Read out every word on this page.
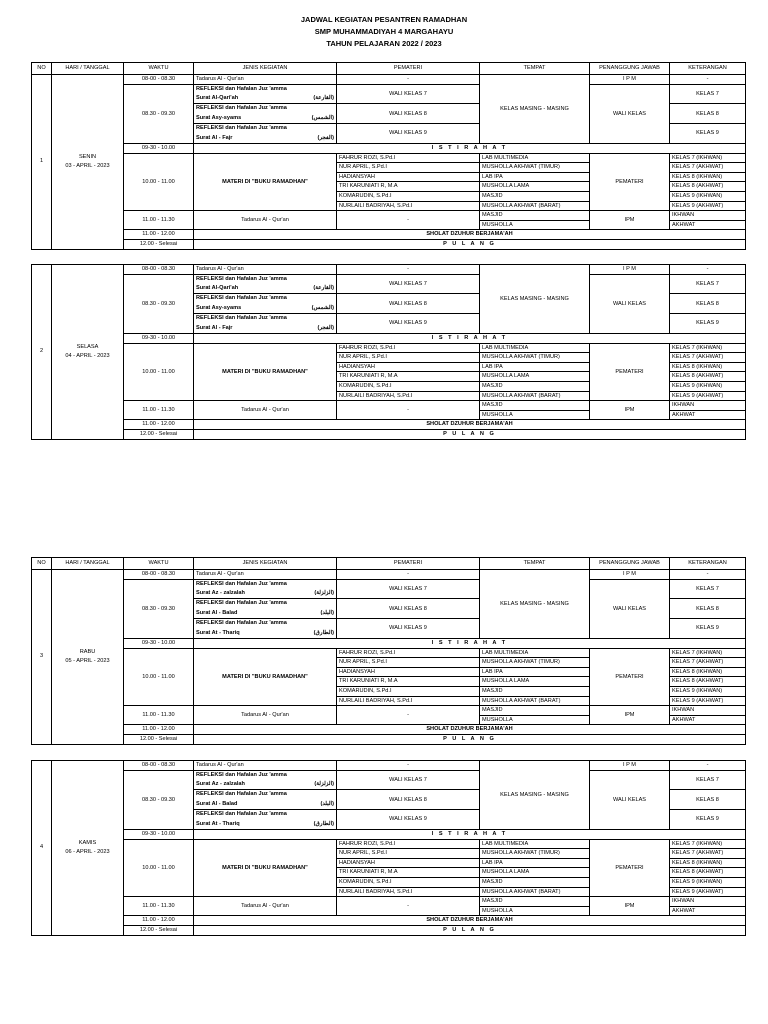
JADWAL KEGIATAN PESANTREN RAMADHAN
SMP MUHAMMADIYAH 4 MARGAHAYU
TAHUN PELAJARAN 2022 / 2023
NO	HARI / TANGGAL	WAKTU	JENIS KEGIATAN	PEMATERI	TEMPAT	PENANGGUNG JAWAB	KETERANGAN
1	SENIN
03 - APRIL - 2023	08-00 - 08.30	Tadarus Al - Qur'an	-	KELAS MASING - MASING	I P M	-
		08.30 - 09.30	REFLEKSI dan Hafalan Juz 'amma
Surat Al-Qari'ah (القارعة)	WALI KELAS 7		WALI KELAS	KELAS 7

			REFLEKSI dan Hafalan Juz 'amma
Surat Asy-syams (الشمس)	WALI KELAS 8			KELAS 8

			REFLEKSI dan Hafalan Juz 'amma
Surat Al - Fajr (الفجر)	WALI KELAS 9			KELAS 9
		09-30 - 10.00	I S T I R A H A T				
		10.00 - 11.00	MATERI DI "BUKU RAMADHAN"	FAHRUR ROZI, S.Pd.I	LAB MULTIMEDIA	PEMATERI	KELAS 7 (IKHWAN)
				NUR APRIL, S.Pd.I	MUSHOLLA AKHWAT (TIMUR)		KELAS 7 (AKHWAT)
				HADIANSYAH	LAB IPA		KELAS 8 (IKHWAN)
				TRI KARUNIATI R, M.A	MUSHOLLA LAMA		KELAS 8 (AKHWAT)
				KOMARUDIN, S.Pd.I	MASJID		KELAS 9 (IKHWAN)
				NURLAILI BADRIYAH, S.Pd.I	MUSHOLLA AKHWAT (BARAT)		KELAS 9 (AKHWAT)
		11.00 - 11.30	Tadarus Al - Qur'an	-	MASJID	IPM	IKHWAN
					MUSHOLLA		AKHWAT
		11.00 - 12.00	SHOLAT DZUHUR BERJAMA'AH				
		12.00 - Selesai	P U L A N G				
2	SELASA
04 - APRIL - 2023	08-00 - 08.30	Tadarus Al - Qur'an	-	KELAS MASING - MASING	I P M	-
		08.30 - 09.30	REFLEKSI dan Hafalan Juz 'amma
Surat Al-Qari'ah (القارعة)	WALI KELAS 7		WALI KELAS	KELAS 7

			REFLEKSI dan Hafalan Juz 'amma
Surat Asy-syams (الشمس)	WALI KELAS 8			KELAS 8

			REFLEKSI dan Hafalan Juz 'amma
Surat Al - Fajr (الفجر)	WALI KELAS 9			KELAS 9
		09-30 - 10.00	I S T I R A H A T				
		10.00 - 11.00	MATERI DI "BUKU RAMADHAN"	FAHRUR ROZI, S.Pd.I	LAB MULTIMEDIA	PEMATERI	KELAS 7 (IKHWAN)
				NUR APRIL, S.Pd.I	MUSHOLLA AKHWAT (TIMUR)		KELAS 7 (AKHWAT)
				HADIANSYAH	LAB IPA		KELAS 8 (IKHWAN)
				TRI KARUNIATI R, M.A	MUSHOLLA LAMA		KELAS 8 (AKHWAT)
				KOMARUDIN, S.Pd.I	MASJID		KELAS 9 (IKHWAN)
				NURLAILI BADRIYAH, S.Pd.I	MUSHOLLA AKHWAT (BARAT)		KELAS 9 (AKHWAT)
		11.00 - 11.30	Tadarus Al - Qur'an	-	MASJID	IPM	IKHWAN
					MUSHOLLA		AKHWAT
		11.00 - 12.00	SHOLAT DZUHUR BERJAMA'AH				
		12.00 - Selesai	P U L A N G				
NO	HARI / TANGGAL	WAKTU	JENIS KEGIATAN	PEMATERI	TEMPAT	PENANGGUNG JAWAB	KETERANGAN
3	RABU
05 - APRIL - 2023	08-00 - 08.30	Tadarus Al - Qur'an	-	KELAS MASING - MASING	I P M	-
		08.30 - 09.30	REFLEKSI dan Hafalan Juz 'amma
Surat Az - zalzalah (الزلزلة)	WALI KELAS 7		WALI KELAS	KELAS 7

			REFLEKSI dan Hafalan Juz 'amma
Surat Al - Balad (البلد)	WALI KELAS 8			KELAS 8

			REFLEKSI dan Hafalan Juz 'amma
Surat At - Thariq (الطارق)	WALI KELAS 9			KELAS 9
		09-30 - 10.00	I S T I R A H A T				
		10.00 - 11.00	MATERI DI "BUKU RAMADHAN"	FAHRUR ROZI, S.Pd.I	LAB MULTIMEDIA	PEMATERI	KELAS 7 (IKHWAN)
				NUR APRIL, S.Pd.I	MUSHOLLA AKHWAT (TIMUR)		KELAS 7 (AKHWAT)
				HADIANSYAH	LAB IPA		KELAS 8 (IKHWAN)
				TRI KARUNIATI R, M.A	MUSHOLLA LAMA		KELAS 8 (AKHWAT)
				KOMARUDIN, S.Pd.I	MASJID		KELAS 9 (IKHWAN)
				NURLAILI BADRIYAH, S.Pd.I	MUSHOLLA AKHWAT (BARAT)		KELAS 9 (AKHWAT)
		11.00 - 11.30	Tadarus Al - Qur'an	-	MASJID	IPM	IKHWAN
					MUSHOLLA		AKHWAT
		11.00 - 12.00	SHOLAT DZUHUR BERJAMA'AH				
		12.00 - Selesai	P U L A N G				
4	KAMIS
06 - APRIL - 2023	08-00 - 08.30	Tadarus Al - Qur'an	-	KELAS MASING - MASING	I P M	-
		08.30 - 09.30	REFLEKSI dan Hafalan Juz 'amma
Surat Az - zalzalah (الزلزلة)	WALI KELAS 7		WALI KELAS	KELAS 7

			REFLEKSI dan Hafalan Juz 'amma
Surat Al - Balad (البلد)	WALI KELAS 8			KELAS 8

			REFLEKSI dan Hafalan Juz 'amma
Surat At - Thariq (الطارق)	WALI KELAS 9			KELAS 9
		09-30 - 10.00	I S T I R A H A T				
		10.00 - 11.00	MATERI DI "BUKU RAMADHAN"	FAHRUR ROZI, S.Pd.I	LAB MULTIMEDIA	PEMATERI	KELAS 7 (IKHWAN)
				NUR APRIL, S.Pd.I	MUSHOLLA AKHWAT (TIMUR)		KELAS 7 (AKHWAT)
				HADIANSYAH	LAB IPA		KELAS 8 (IKHWAN)
				TRI KARUNIATI R, M.A	MUSHOLLA LAMA		KELAS 8 (AKHWAT)
				KOMARUDIN, S.Pd.I	MASJID		KELAS 9 (IKHWAN)
				NURLAILI BADRIYAH, S.Pd.I	MUSHOLLA AKHWAT (BARAT)		KELAS 9 (AKHWAT)
		11.00 - 11.30	Tadarus Al - Qur'an	-	MASJID	IPM	IKHWAN
					MUSHOLLA		AKHWAT
		11.00 - 12.00	SHOLAT DZUHUR BERJAMA'AH				
		12.00 - Selesai	P U L A N G				
